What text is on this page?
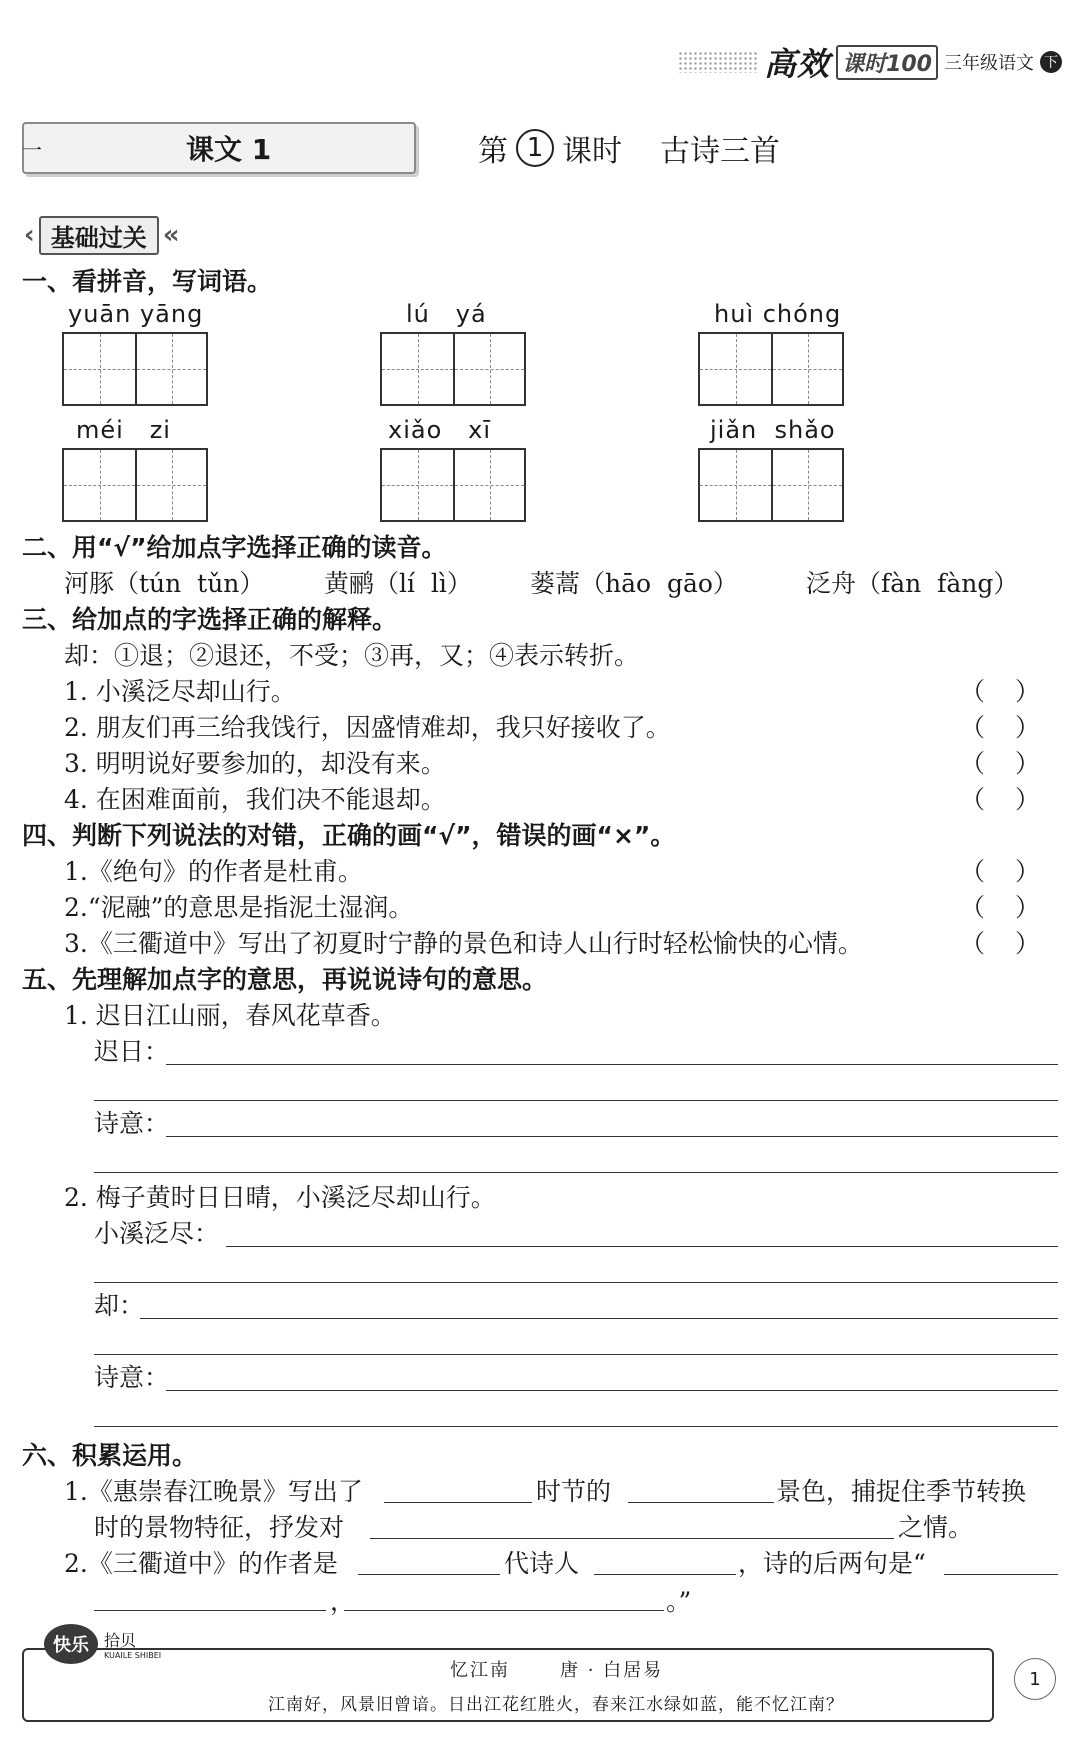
高效 课时100 三年级语文 下
一	课文 1	第 1 课时 古诗三首
‹ 基础过关 «
一、看拼音，写词语。
yuān yāng	lú   yá	huì chóng
méi   zi	xiǎo   xī	jiǎn  shǎo
二、用“√”给加点字选择正确的读音。
河豚（tún  tǔn） 黄鹂（lí  lì） 蒌蒿（hāo  gāo）	泛舟（fàn  fàng）
三、给加点的字选择正确的解释。
却：①退；②退还，不受；③再，又；④表示转折。
1. 小溪泛尽却山行。	（ ）
2. 朋友们再三给我饯行，因盛情难却，我只好接收了。	（ ）
3. 明明说好要参加的，却没有来。	（ ）
4. 在困难面前，我们决不能退却。	（ ）
四、判断下列说法的对错，正确的画“√”，错误的画“×”。
1.《绝句》的作者是杜甫。	（ ）
2.“泥融”的意思是指泥土湿润。	（ ）
3.《三衢道中》写出了初夏时宁静的景色和诗人山行时轻松愉快的心情。	（ ）
五、先理解加点字的意思，再说说诗句的意思。
1. 迟日江山丽，春风花草香。
迟日：
诗意：
2. 梅子黄时日日晴，小溪泛尽却山行。
小溪泛尽：
却：
诗意：
六、积累运用。
1.《惠崇春江晚景》写出了	时节的	景色，捕捉住季节转换
时的景物特征，抒发对	之情。
2.《三衢道中》的作者是	代诗人	，诗的后两句是“
，	。”
快乐 拾贝
KUAILE SHIBEI
忆江南	唐 · 白居易
江南好，风景旧曾谙。日出江花红胜火，春来江水绿如蓝，能不忆江南？
1
